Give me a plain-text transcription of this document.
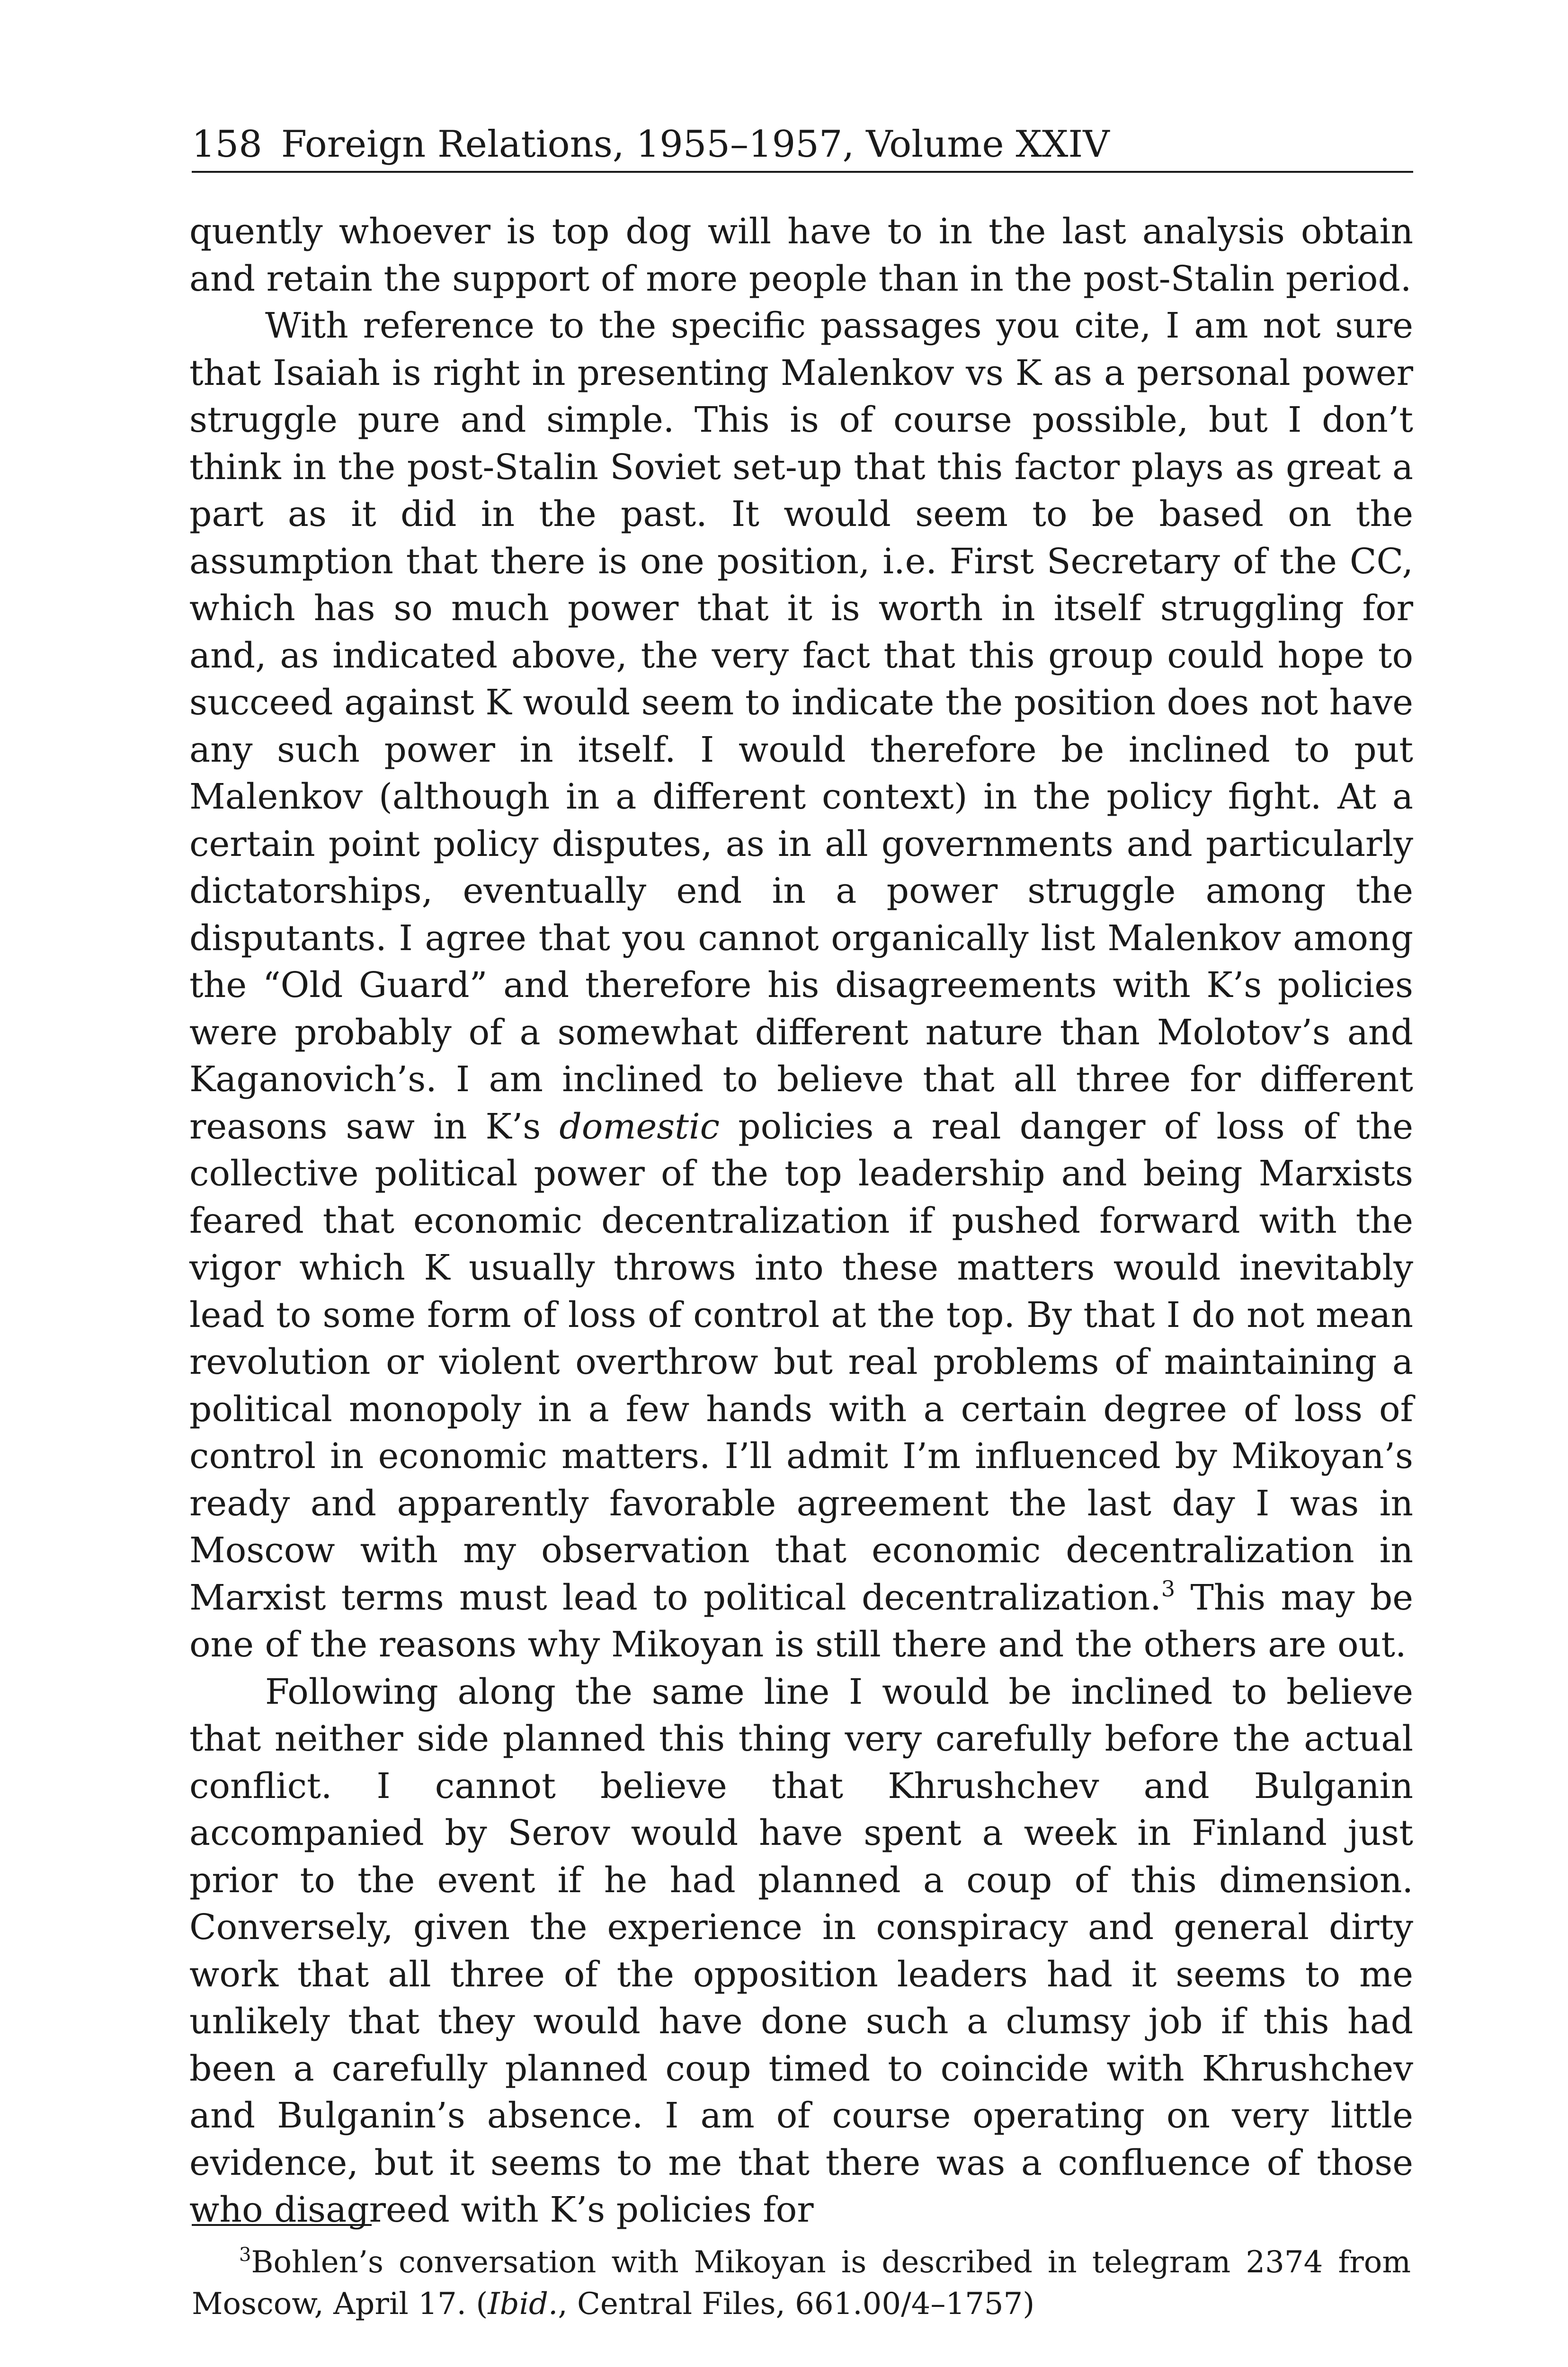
158 Foreign Relations, 1955–1957, Volume XXIV

quently whoever is top dog will have to in the last analysis obtain and retain the support of more people than in the post-Stalin period.

With reference to the specific passages you cite, I am not sure that Isaiah is right in presenting Malenkov vs K as a personal power struggle pure and simple. This is of course possible, but I don’t think in the post-Stalin Soviet set-up that this factor plays as great a part as it did in the past. It would seem to be based on the assumption that there is one position, i.e. First Secretary of the CC, which has so much power that it is worth in itself struggling for and, as indicated above, the very fact that this group could hope to succeed against K would seem to indicate the position does not have any such power in itself. I would therefore be inclined to put Malenkov (although in a different context) in the policy fight. At a certain point policy disputes, as in all governments and particularly dictatorships, eventually end in a power struggle among the disputants. I agree that you cannot organically list Malenkov among the “Old Guard” and therefore his disagreements with K’s policies were probably of a somewhat different nature than Molotov’s and Kaganovich’s. I am inclined to believe that all three for different reasons saw in K’s domestic policies a real danger of loss of the collective political power of the top leadership and being Marxists feared that economic decentralization if pushed forward with the vigor which K usually throws into these matters would inevitably lead to some form of loss of control at the top. By that I do not mean revolution or violent overthrow but real problems of maintaining a political monopoly in a few hands with a certain degree of loss of control in economic matters. I’ll admit I’m influenced by Mikoyan’s ready and apparently favorable agreement the last day I was in Moscow with my observation that economic decentralization in Marxist terms must lead to political decentralization.$^3$ This may be one of the reasons why Mikoyan is still there and the others are out.

Following along the same line I would be inclined to believe that neither side planned this thing very carefully before the actual conflict. I cannot believe that Khrushchev and Bulganin accompanied by Serov would have spent a week in Finland just prior to the event if he had planned a coup of this dimension. Conversely, given the experience in conspiracy and general dirty work that all three of the opposition leaders had it seems to me unlikely that they would have done such a clumsy job if this had been a carefully planned coup timed to coincide with Khrushchev and Bulganin’s absence. I am of course operating on very little evidence, but it seems to me that there was a confluence of those who disagreed with K’s policies for

$^3$Bohlen’s conversation with Mikoyan is described in telegram 2374 from Moscow, April 17. (Ibid., Central Files, 661.00/4–1757)
